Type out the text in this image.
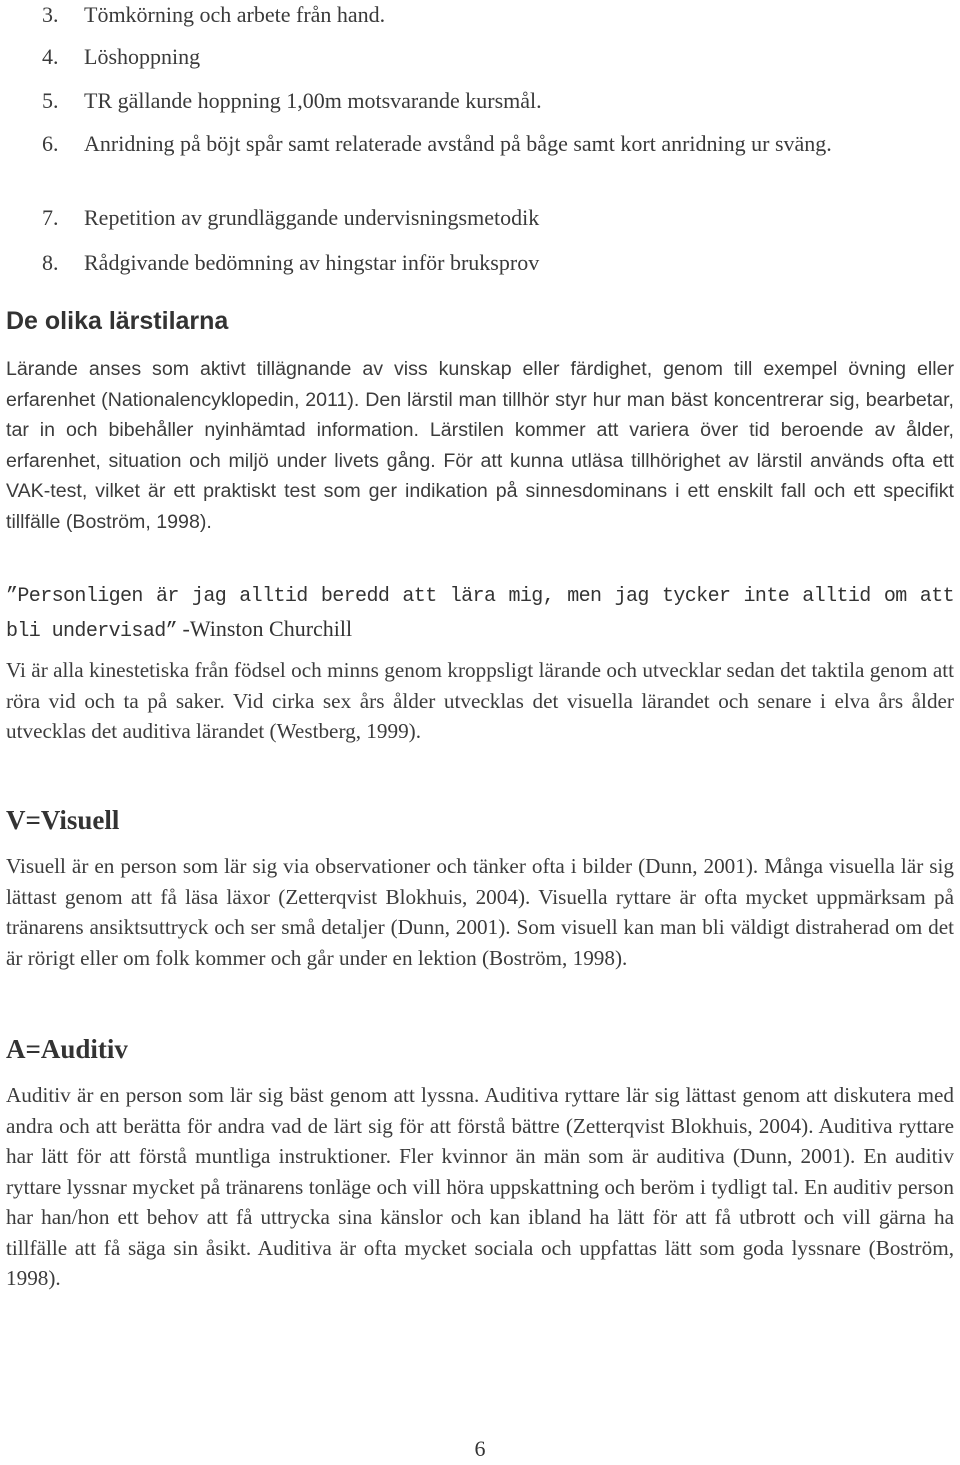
3. Tömkörning och arbete från hand.
4. Löshoppning
5. TR gällande hoppning 1,00m motsvarande kursmål.
6. Anridning på böjt spår samt relaterade avstånd på båge samt kort anridning ur sväng.
7. Repetition av grundläggande undervisningsmetodik
8. Rådgivande bedömning av hingstar inför bruksprov
De olika lärstilarna

Lärande anses som aktivt tillägnande av viss kunskap eller färdighet, genom till exempel övning eller erfarenhet (Nationalencyklopedin, 2011). Den lärstil man tillhör styr hur man bäst koncentrerar sig, bearbetar, tar in och bibehåller nyinhämtad information. Lärstilen kommer att variera över tid beroende av ålder, erfarenhet, situation och miljö under livets gång. För att kunna utläsa tillhörighet av lärstil används ofta ett VAK-test, vilket är ett praktiskt test som ger indikation på sinnesdominans i ett enskilt fall och ett specifikt tillfälle (Boström, 1998).

”Personligen är jag alltid beredd att lära mig, men jag tycker inte alltid om att bli undervisad” -Winston Churchill

Vi är alla kinestetiska från födsel och minns genom kroppsligt lärande och utvecklar sedan det taktila genom att röra vid och ta på saker. Vid cirka sex års ålder utvecklas det visuella lärandet och senare i elva års ålder utvecklas det auditiva lärandet (Westberg, 1999).

V=Visuell

Visuell är en person som lär sig via observationer och tänker ofta i bilder (Dunn, 2001). Många visuella lär sig lättast genom att få läsa läxor (Zetterqvist Blokhuis, 2004). Visuella ryttare är ofta mycket uppmärksam på tränarens ansiktsuttryck och ser små detaljer (Dunn, 2001). Som visuell kan man bli väldigt distraherad om det är rörigt eller om folk kommer och går under en lektion (Boström, 1998).

A=Auditiv

Auditiv är en person som lär sig bäst genom att lyssna. Auditiva ryttare lär sig lättast genom att diskutera med andra och att berätta för andra vad de lärt sig för att förstå bättre (Zetterqvist Blokhuis, 2004). Auditiva ryttare har lätt för att förstå muntliga instruktioner. Fler kvinnor än män som är auditiva (Dunn, 2001). En auditiv ryttare lyssnar mycket på tränarens tonläge och vill höra uppskattning och beröm i tydligt tal. En auditiv person har han/hon ett behov att få uttrycka sina känslor och kan ibland ha lätt för att få utbrott och vill gärna ha tillfälle att få säga sin åsikt. Auditiva är ofta mycket sociala och uppfattas lätt som goda lyssnare (Boström, 1998).

6
